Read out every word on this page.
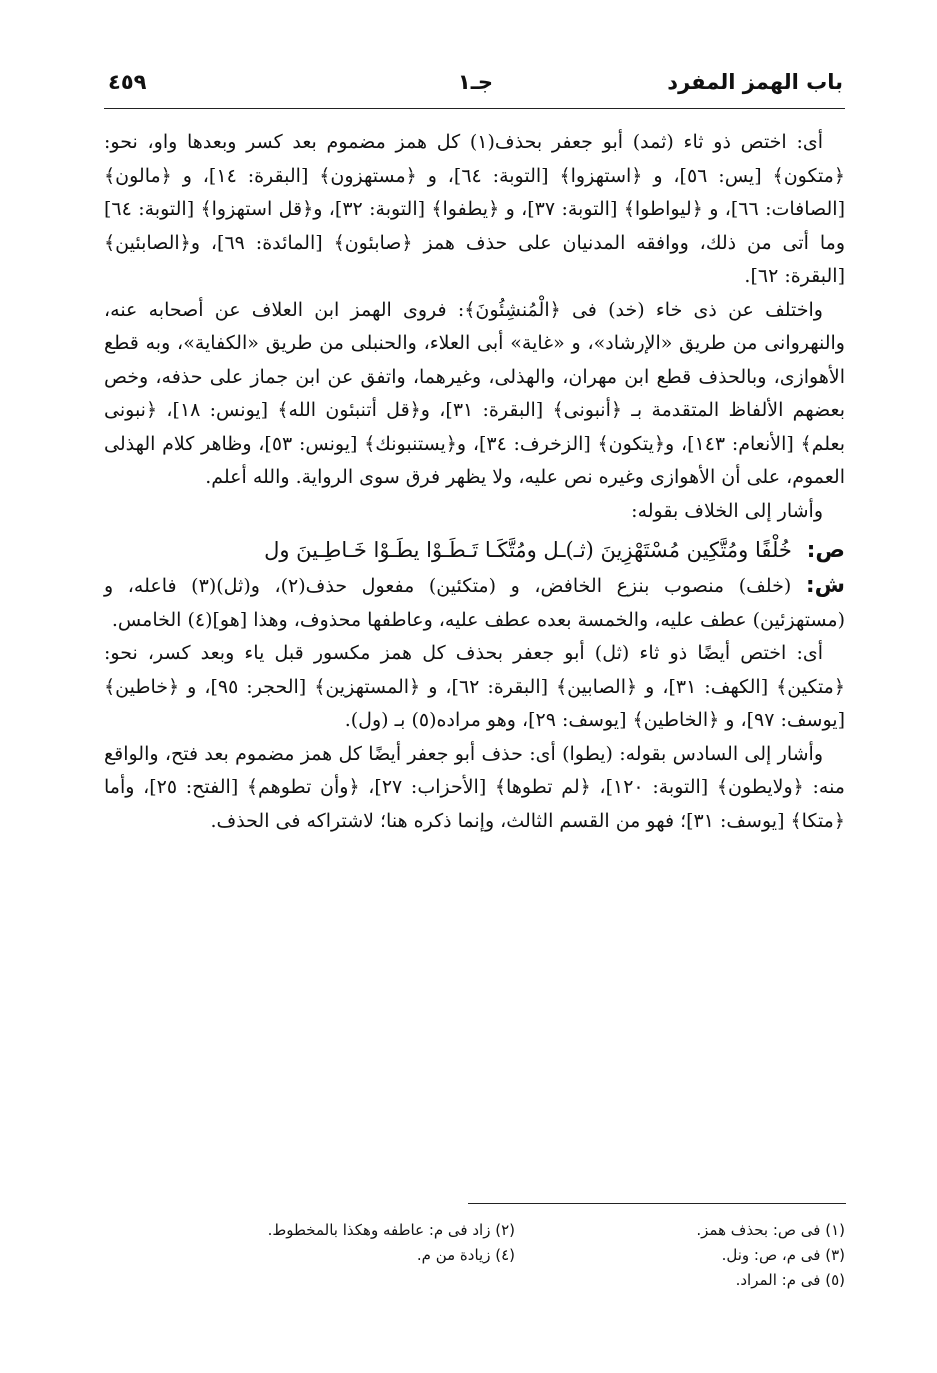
باب الهمز المفرد
جـ١
٤٥٩

أى: اختص ذو ثاء (ثمد) أبو جعفر بحذف(١) كل همز مضموم بعد كسر وبعدها واو، نحو: ﴿متكون﴾ [يس: ٥٦]، و ﴿استهزوا﴾ [التوبة: ٦٤]، و ﴿مستهزون﴾ [البقرة: ١٤]، و ﴿مالون﴾ [الصافات: ٦٦]، و ﴿ليواطوا﴾ [التوبة: ٣٧]، و ﴿يطفوا﴾ [التوبة: ٣٢]، و﴿قل استهزوا﴾ [التوبة: ٦٤] وما أتى من ذلك، ووافقه المدنيان على حذف همز ﴿صابئون﴾ [المائدة: ٦٩]، و﴿الصابئين﴾ [البقرة: ٦٢].

واختلف عن ذى خاء (خد) فى ﴿الْمُنشِئُونَ﴾: فروى الهمز ابن العلاف عن أصحابه عنه، والنهروانى من طريق «الإرشاد»، و «غاية» أبى العلاء، والحنبلى من طريق «الكفاية»، وبه قطع الأهوازى، وبالحذف قطع ابن مهران، والهذلى، وغيرهما، واتفق عن ابن جماز على حذفه، وخص بعضهم الألفاظ المتقدمة بـ ﴿أنبونى﴾ [البقرة: ٣١]، و﴿قل أتنبئون الله﴾ [يونس: ١٨]، ﴿نبونى بعلم﴾ [الأنعام: ١٤٣]، و﴿يتكون﴾ [الزخرف: ٣٤]، و﴿يستنبونك﴾ [يونس: ٥٣]، وظاهر كلام الهذلى العموم، على أن الأهوازى وغيره نص عليه، ولا يظهر فرق سوى الرواية. والله أعلم.

وأشار إلى الخلاف بقوله:

ص: خُلْفًا ومُتَّكِين مُسْتَهْزِينَ (ثـ)ـل ومُتَّكَـا تَـطَـوْا يطَـوْا خَـاطِـينَ ول

ش: (خلف) منصوب بنزع الخافض، و (متكئين) مفعول حذف(٢)، و(ثل)(٣) فاعله، و (مستهزئين) عطف عليه، والخمسة بعده عطف عليه، وعاطفها محذوف، وهذا [هو](٤) الخامس.

أى: اختص أيضًا ذو ثاء (ثل) أبو جعفر بحذف كل همز مكسور قبل ياء وبعد كسر، نحو: ﴿متكين﴾ [الكهف: ٣١]، و ﴿الصابين﴾ [البقرة: ٦٢]، و ﴿المستهزين﴾ [الحجر: ٩٥]، و ﴿خاطين﴾ [يوسف: ٩٧]، و ﴿الخاطين﴾ [يوسف: ٢٩]، وهو مراده(٥) بـ (ول).

وأشار إلى السادس بقوله: (يطوا) أى: حذف أبو جعفر أيضًا كل همز مضموم بعد فتح، والواقع منه: ﴿ولايطون﴾ [التوبة: ١٢٠]، ﴿لم تطوها﴾ [الأحزاب: ٢٧]، ﴿وأن تطوهم﴾ [الفتح: ٢٥]، وأما ﴿متكا﴾ [يوسف: ٣١]؛ فهو من القسم الثالث، وإنما ذكره هنا؛ لاشتراكه فى الحذف.

(١) فى ص: بحذف همز.
(٢) زاد فى م: عاطفه وهكذا بالمخطوط.
(٣) فى م، ص: ونل.
(٤) زيادة من م.
(٥) فى م: المراد.
